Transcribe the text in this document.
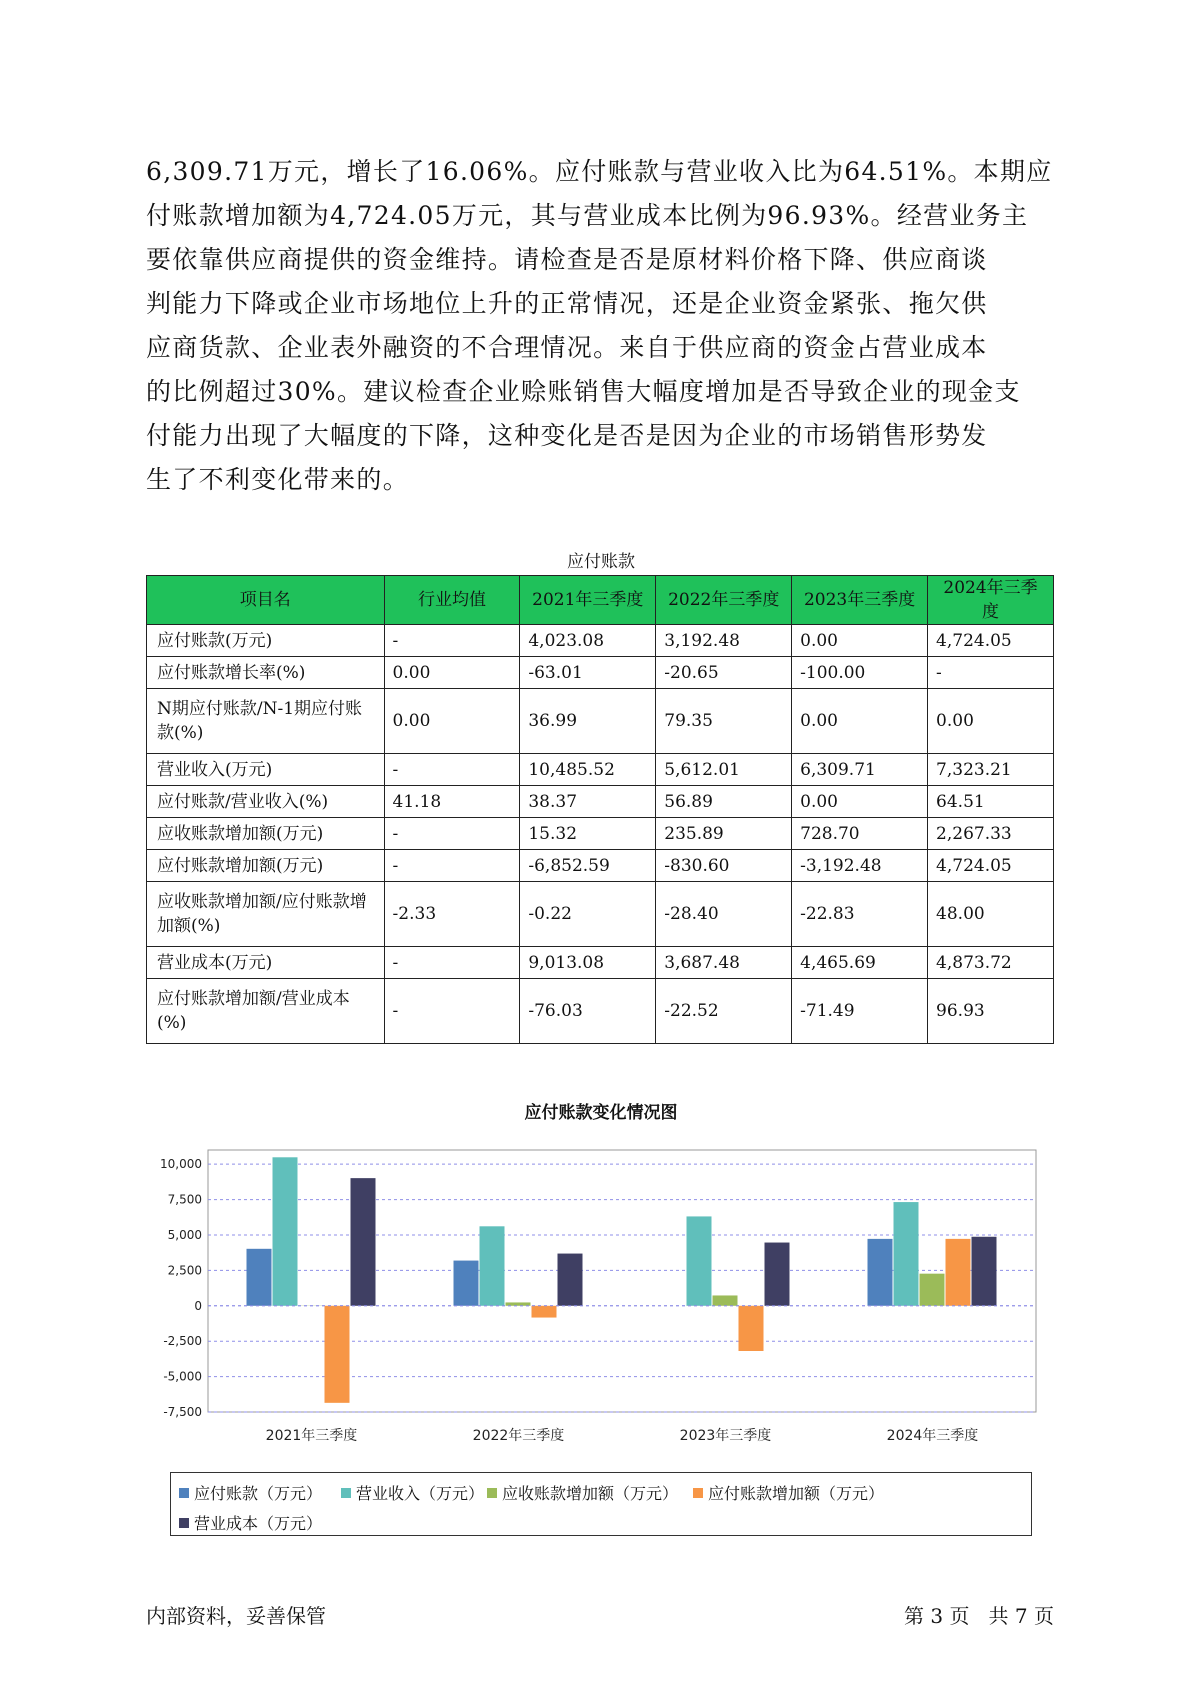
6,309.71万元，增长了16.06%。应付账款与营业收入比为64.51%。本期应
付账款增加额为4,724.05万元，其与营业成本比例为96.93%。经营业务主
要依靠供应商提供的资金维持。请检查是否是原材料价格下降、供应商谈
判能力下降或企业市场地位上升的正常情况，还是企业资金紧张、拖欠供
应商货款、企业表外融资的不合理情况。来自于供应商的资金占营业成本
的比例超过30%。建议检查企业赊账销售大幅度增加是否导致企业的现金支
付能力出现了大幅度的下降，这种变化是否是因为企业的市场销售形势发
生了不利变化带来的。
应付账款
项目名	行业均值	2021年三季度	2022年三季度	2023年三季度	2024年三季度
应付账款(万元)	-	4,023.08	3,192.48	0.00	4,724.05
应付账款增长率(%)	0.00	-63.01	-20.65	-100.00	-
N期应付账款/N-1期应付账款(%)	0.00	36.99	79.35	0.00	0.00
营业收入(万元)	-	10,485.52	5,612.01	6,309.71	7,323.21
应付账款/营业收入(%)	41.18	38.37	56.89	0.00	64.51
应收账款增加额(万元)	-	15.32	235.89	728.70	2,267.33
应付账款增加额(万元)	-	-6,852.59	-830.60	-3,192.48	4,724.05
应收账款增加额/应付账款增加额(%)	-2.33	-0.22	-28.40	-22.83	48.00
营业成本(万元)	-	9,013.08	3,687.48	4,465.69	4,873.72
应付账款增加额/营业成本(%)	-	-76.03	-22.52	-71.49	96.93
应付账款变化情况图
10,000
7,500
5,000
2,500
0
-2,500
-5,000
-7,500
2021年三季度	2022年三季度	2023年三季度	2024年三季度
应付账款（万元） 营业收入（万元） 应收账款增加额（万元） 应付账款增加额（万元）
营业成本（万元）
内部资料，妥善保管	第 3 页   共 7 页
